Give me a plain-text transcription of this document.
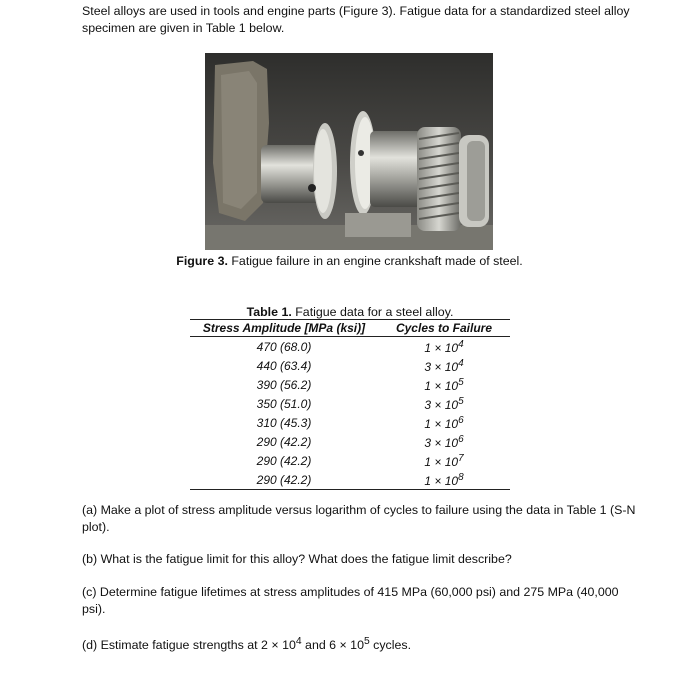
Steel alloys are used in tools and engine parts (Figure 3). Fatigue data for a standardized steel alloy specimen are given in Table 1 below.

Figure 3. Fatigue failure in an engine crankshaft made of steel.

Table 1. Fatigue data for a steel alloy.

Stress Amplitude [MPa (ksi)]	Cycles to Failure
470 (68.0)	$1 \times 10^4$
440 (63.4)	$3 \times 10^4$
390 (56.2)	$1 \times 10^5$
350 (51.0)	$3 \times 10^5$
310 (45.3)	$1 \times 10^6$
290 (42.2)	$3 \times 10^6$
290 (42.2)	$1 \times 10^7$
290 (42.2)	$1 \times 10^8$

(a) Make a plot of stress amplitude versus logarithm of cycles to failure using the data in Table 1 (S-N plot).

(b) What is the fatigue limit for this alloy? What does the fatigue limit describe?

(c) Determine fatigue lifetimes at stress amplitudes of 415 MPa (60,000 psi) and 275 MPa (40,000 psi).

(d) Estimate fatigue strengths at $2 \times 10^4$ and $6 \times 10^5$ cycles.
